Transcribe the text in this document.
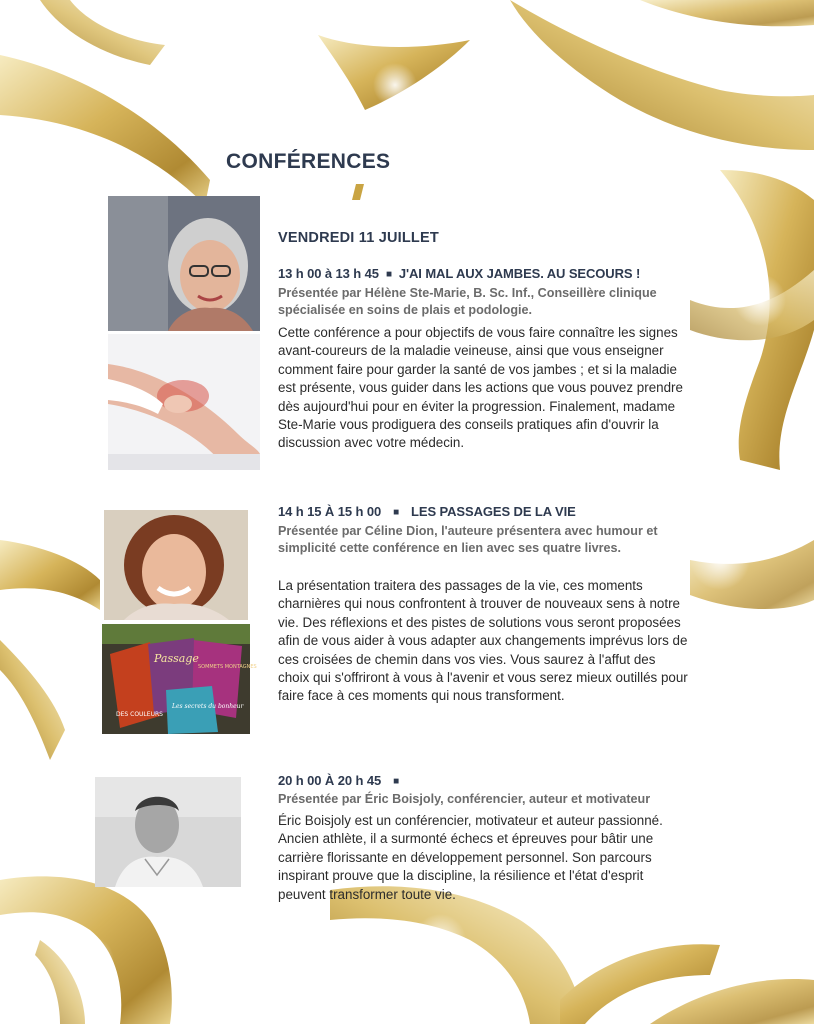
CONFÉRENCES
VENDREDI 11 JUILLET
13 h 00 à 13 h 45 ■ J'AI MAL AUX JAMBES. AU SECOURS !
Présentée par Hélène Ste-Marie, B. Sc. Inf., Conseillère clinique spécialisée en soins de plais et podologie.
Cette conférence a pour objectifs de vous faire connaître les signes avant-coureurs de la maladie veineuse, ainsi que vous enseigner comment faire pour garder la santé de vos jambes ; et si la maladie est présente, vous guider dans les actions que vous pouvez prendre dès aujourd'hui pour en éviter la progression. Finalement, madame Ste-Marie vous prodiguera des conseils pratiques afin d'ouvrir la discussion avec votre médecin.
Passage
DES COULEURS
Les secrets du bonheur
SOMMETS MONTAGNES
14 h 15 À 15 h 00 ■ LES PASSAGES DE LA VIE
Présentée par Céline Dion, l'auteure présentera avec humour et simplicité cette conférence en lien avec ses quatre livres.
La présentation traitera des passages de la vie, ces moments charnières qui nous confrontent à trouver de nouveaux sens à notre vie. Des réflexions et des pistes de solutions vous seront proposées afin de vous aider à vous adapter aux changements imprévus lors de ces croisées de chemin dans vos vies. Vous saurez à l'affut des choix qui s'offriront à vous à l'avenir et vous serez mieux outillés pour faire face à ces moments qui nous transforment.
20 h 00 À 20 h 45 ■
Présentée par Éric Boisjoly, conférencier, auteur et motivateur
Éric Boisjoly est un conférencier, motivateur et auteur passionné. Ancien athlète, il a surmonté échecs et épreuves pour bâtir une carrière florissante en développement personnel. Son parcours inspirant prouve que la discipline, la résilience et l'état d'esprit peuvent transformer toute vie.
